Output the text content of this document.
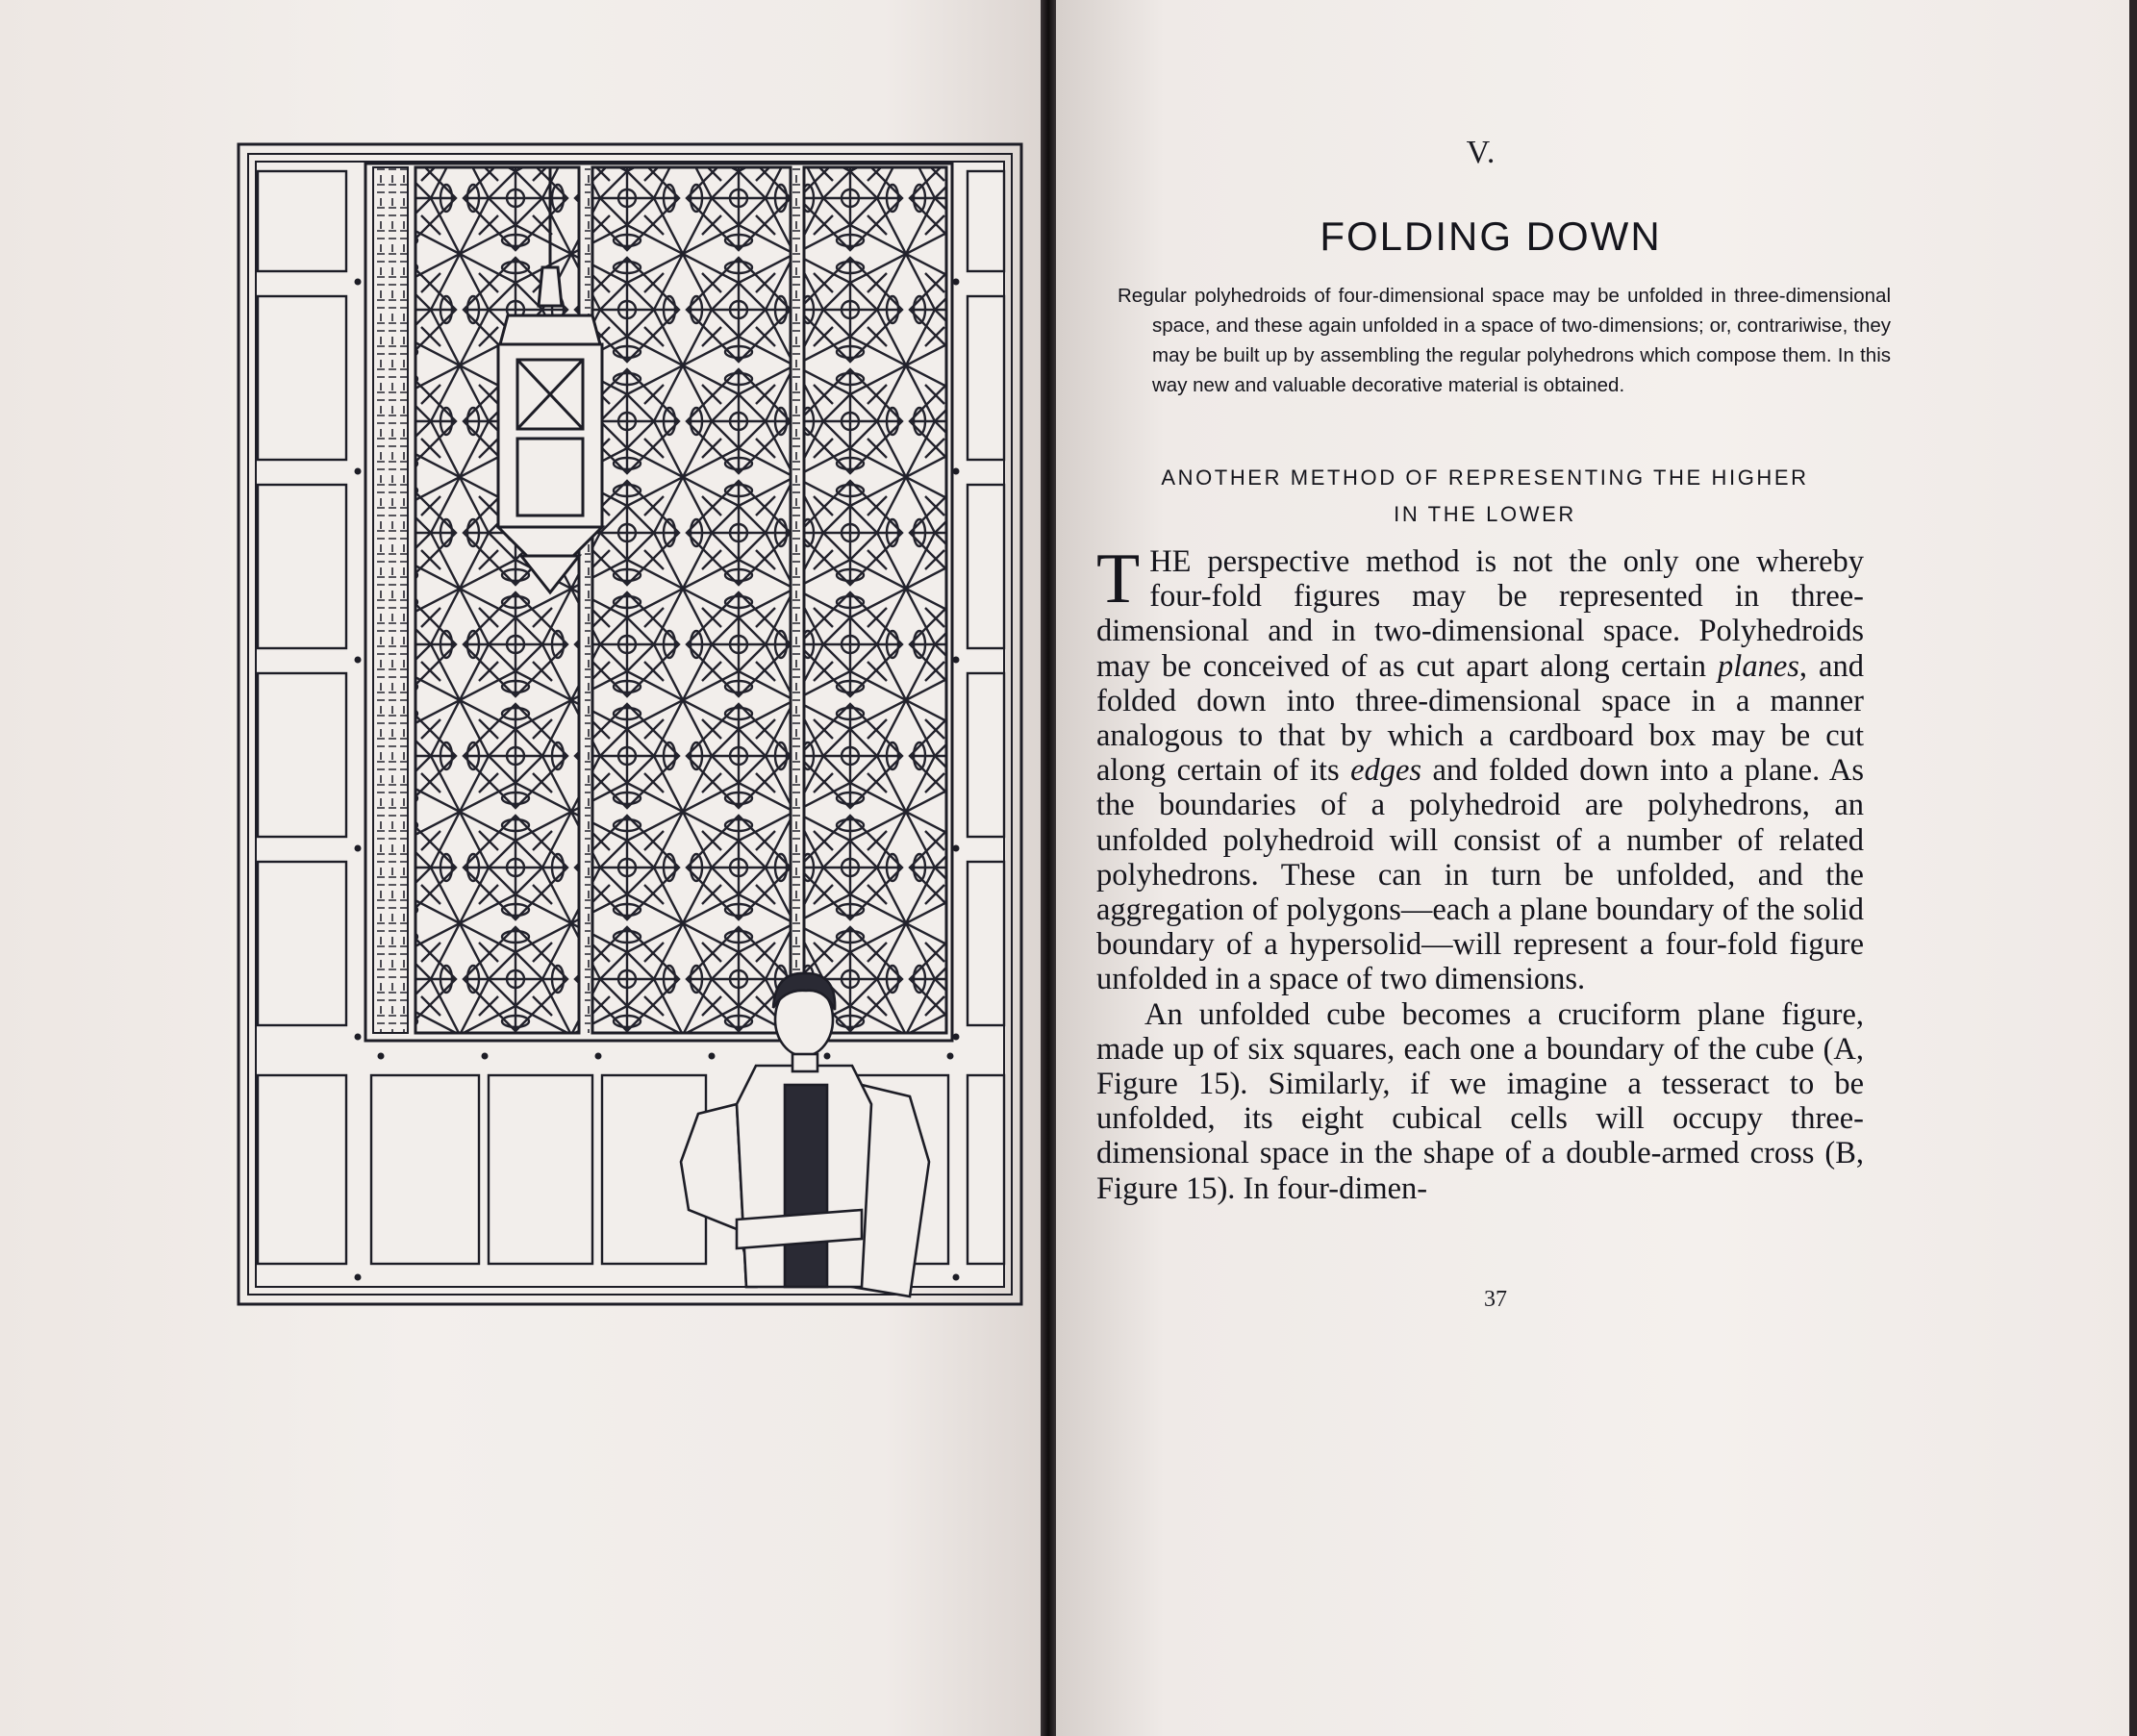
V.
FOLDING DOWN

Regular polyhedroids of four-dimensional space may be unfolded in three-dimensional space, and these again unfolded in a space of two-dimensions; or, contrariwise, they may be built up by assembling the regular polyhedrons which compose them. In this way new and valuable decorative material is obtained.

ANOTHER METHOD OF REPRESENTING THE HIGHER
IN THE LOWER

THE perspective method is not the only one whereby four-fold figures may be represented in three-dimensional and in two-dimensional space. Polyhedroids may be conceived of as cut apart along certain planes, and folded down into three-dimensional space in a manner analogous to that by which a cardboard box may be cut along certain of its edges and folded down into a plane. As the boundaries of a polyhedroid are polyhedrons, an unfolded polyhedroid will consist of a number of related polyhedrons. These can in turn be unfolded, and the aggregation of polygons—each a plane boundary of the solid boundary of a hypersolid—will represent a four-fold figure unfolded in a space of two dimensions.

An unfolded cube becomes a cruciform plane figure, made up of six squares, each one a boundary of the cube (A, Figure 15). Similarly, if we imagine a tesseract to be unfolded, its eight cubical cells will occupy three-dimensional space in the shape of a double-armed cross (B, Figure 15). In four-dimen-

37
